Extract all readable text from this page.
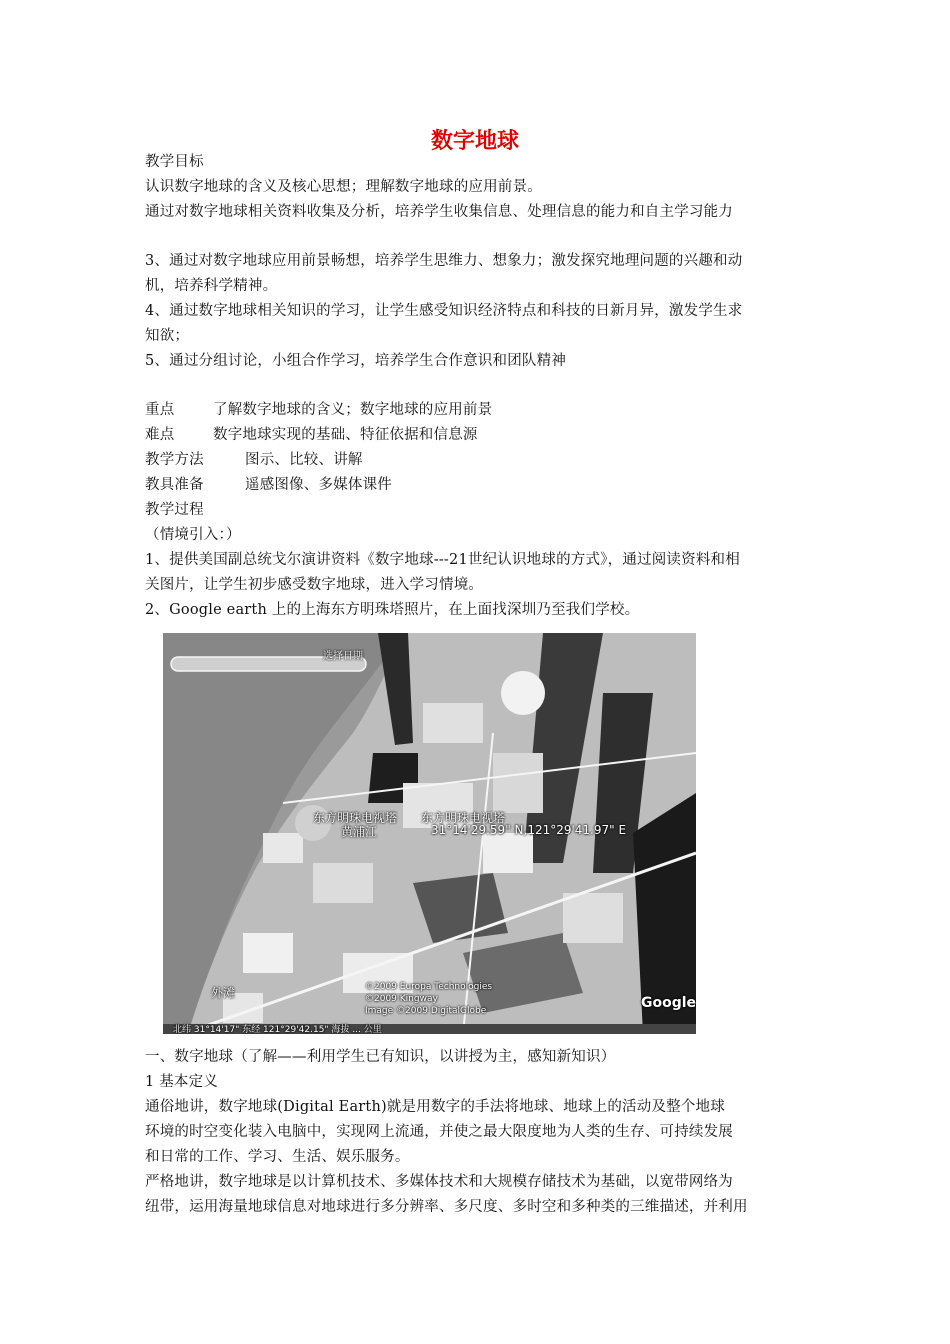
数字地球
教学目标
认识数字地球的含义及核心思想；理解数字地球的应用前景。
通过对数字地球相关资料收集及分析，培养学生收集信息、处理信息的能力和自主学习能力
3、通过对数字地球应用前景畅想，培养学生思维力、想象力；激发探究地理问题的兴趣和动
机，培养科学精神。
4、通过数字地球相关知识的学习，让学生感受知识经济特点和科技的日新月异，激发学生求
知欲；
5、通过分组讨论，小组合作学习，培养学生合作意识和团队精神
重点	了解数字地球的含义；数字地球的应用前景
难点	数字地球实现的基础、特征依据和信息源
教学方法	图示、比较、讲解
教具准备	遥感图像、多媒体课件
教学过程
（情境引入：）
1、提供美国副总统戈尔演讲资料《数字地球---21世纪认识地球的方式》，通过阅读资料和相
关图片，让学生初步感受数字地球，进入学习情境。
2、Google earth 上的上海东方明珠塔照片，在上面找深圳乃至我们学校。
选择日期
东方明珠电视塔 东方明珠电视塔
黄浦江	31°14'29.59" N,121°29'41.97" E
外滩	©2009 Europa Technologies
©2009 Kingway
Image ©2009 DigitalGlobe	Google
北纬 31°14'17" 东经 121°29'42.15" 海拔 ... 公里
一、数字地球（了解——利用学生已有知识，以讲授为主，感知新知识）
1 基本定义
通俗地讲，数字地球(Digital Earth)就是用数字的手法将地球、地球上的活动及整个地球
环境的时空变化装入电脑中，实现网上流通，并使之最大限度地为人类的生存、可持续发展
和日常的工作、学习、生活、娱乐服务。
严格地讲，数字地球是以计算机技术、多媒体技术和大规模存储技术为基础，以宽带网络为
纽带，运用海量地球信息对地球进行多分辨率、多尺度、多时空和多种类的三维描述，并利用
